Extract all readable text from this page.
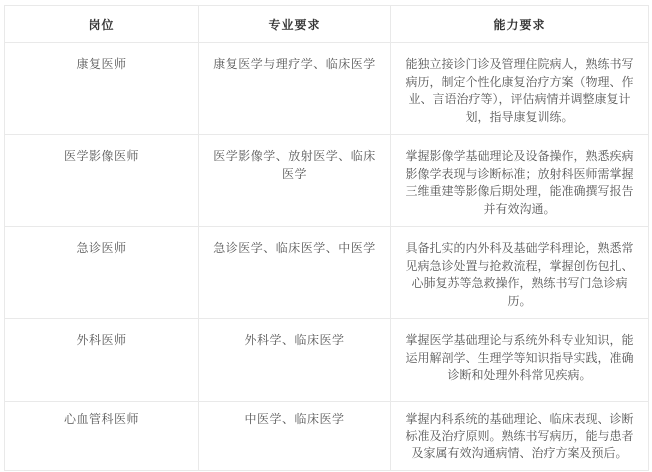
岗位	专业要求	能力要求
康复医师	康复医学与理疗学、临床医学	能独立接诊门诊及管理住院病人，熟练书写病历，制定个性化康复治疗方案（物理、作业、言语治疗等），评估病情并调整康复计划，指导康复训练。
医学影像医师	医学影像学、放射医学、临床医学	掌握影像学基础理论及设备操作，熟悉疾病影像学表现与诊断标准；放射科医师需掌握三维重建等影像后期处理，能准确撰写报告并有效沟通。
急诊医师	急诊医学、临床医学、中医学	具备扎实的内外科及基础学科理论，熟悉常见病急诊处置与抢救流程，掌握创伤包扎、心肺复苏等急救操作，熟练书写门急诊病历。
外科医师	外科学、临床医学	掌握医学基础理论与系统外科专业知识，能运用解剖学、生理学等知识指导实践，准确诊断和处理外科常见疾病。
心血管科医师	中医学、临床医学	掌握内科系统的基础理论、临床表现、诊断标准及治疗原则。熟练书写病历，能与患者及家属有效沟通病情、治疗方案及预后。
